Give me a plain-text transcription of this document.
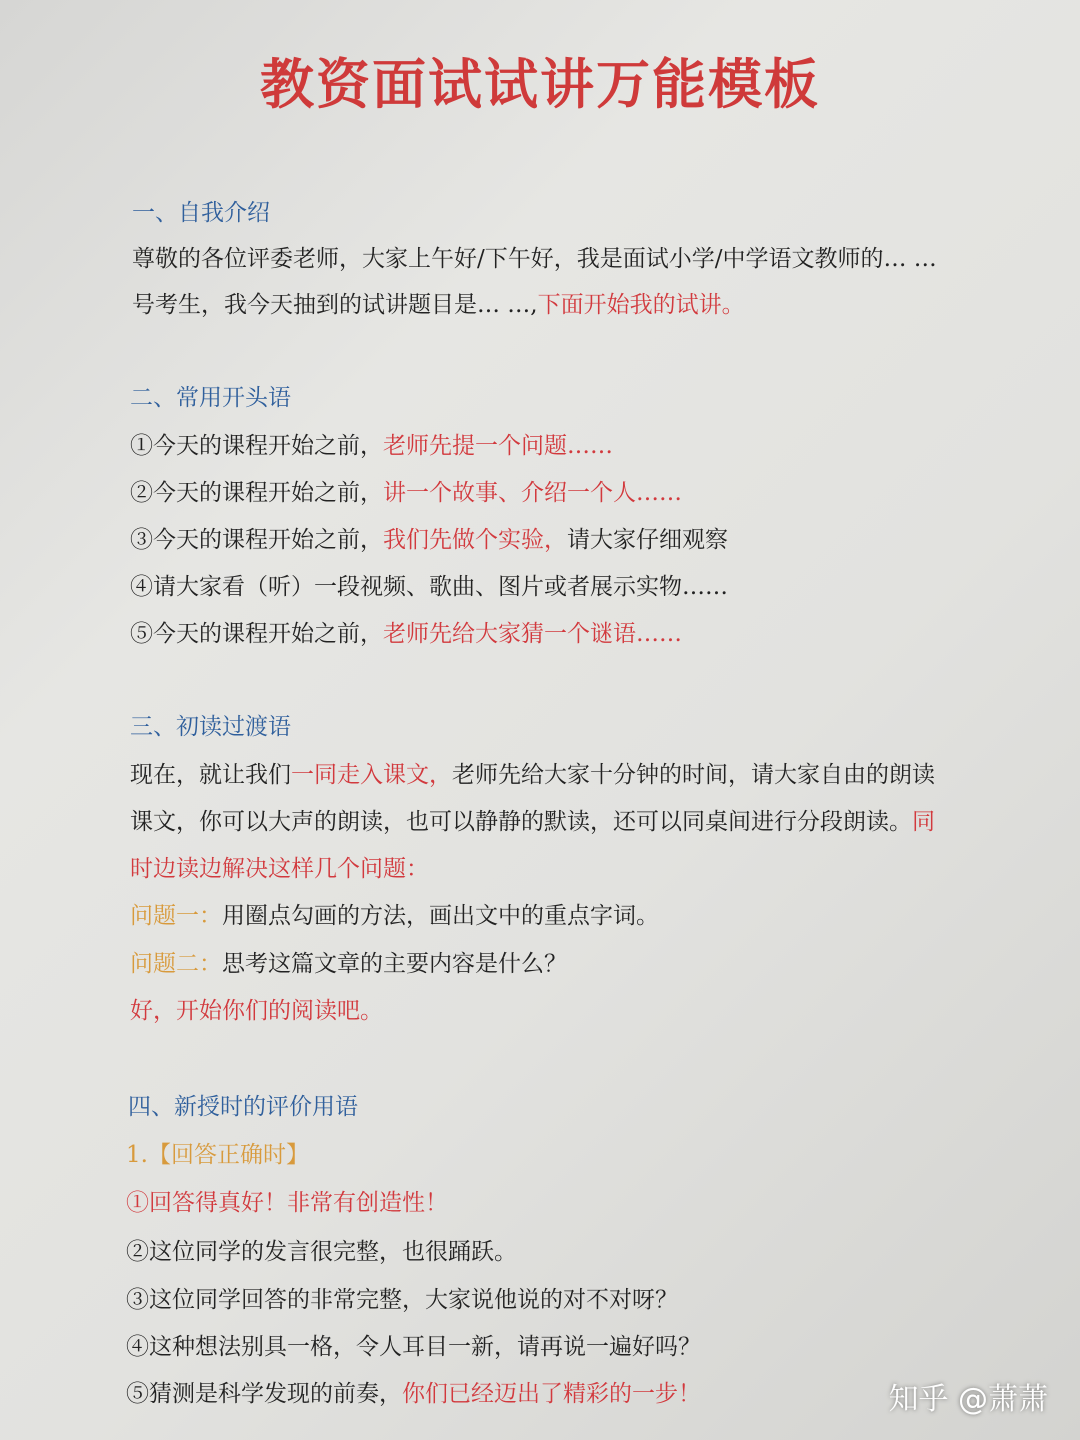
教资面试试讲万能模板
一、自我介绍
尊敬的各位评委老师，大家上午好/下午好，我是面试小学/中学语文教师的… …
号考生，我今天抽到的试讲题目是… …,下面开始我的试讲。
二、常用开头语
①今天的课程开始之前，老师先提一个问题……
②今天的课程开始之前，讲一个故事、介绍一个人……
③今天的课程开始之前，我们先做个实验，请大家仔细观察
④请大家看（听）一段视频、歌曲、图片或者展示实物……
⑤今天的课程开始之前，老师先给大家猜一个谜语……
三、初读过渡语
现在，就让我们一同走入课文，老师先给大家十分钟的时间，请大家自由的朗读
课文，你可以大声的朗读，也可以静静的默读，还可以同桌间进行分段朗读。同
时边读边解决这样几个问题：
问题一：用圈点勾画的方法，画出文中的重点字词。
问题二：思考这篇文章的主要内容是什么？
好，开始你们的阅读吧。
四、新授时的评价用语
1.【回答正确时】
①回答得真好！非常有创造性！
②这位同学的发言很完整，也很踊跃。
③这位同学回答的非常完整，大家说他说的对不对呀？
④这种想法别具一格，令人耳目一新，请再说一遍好吗？
⑤猜测是科学发现的前奏，你们已经迈出了精彩的一步！	知乎 @萧萧
